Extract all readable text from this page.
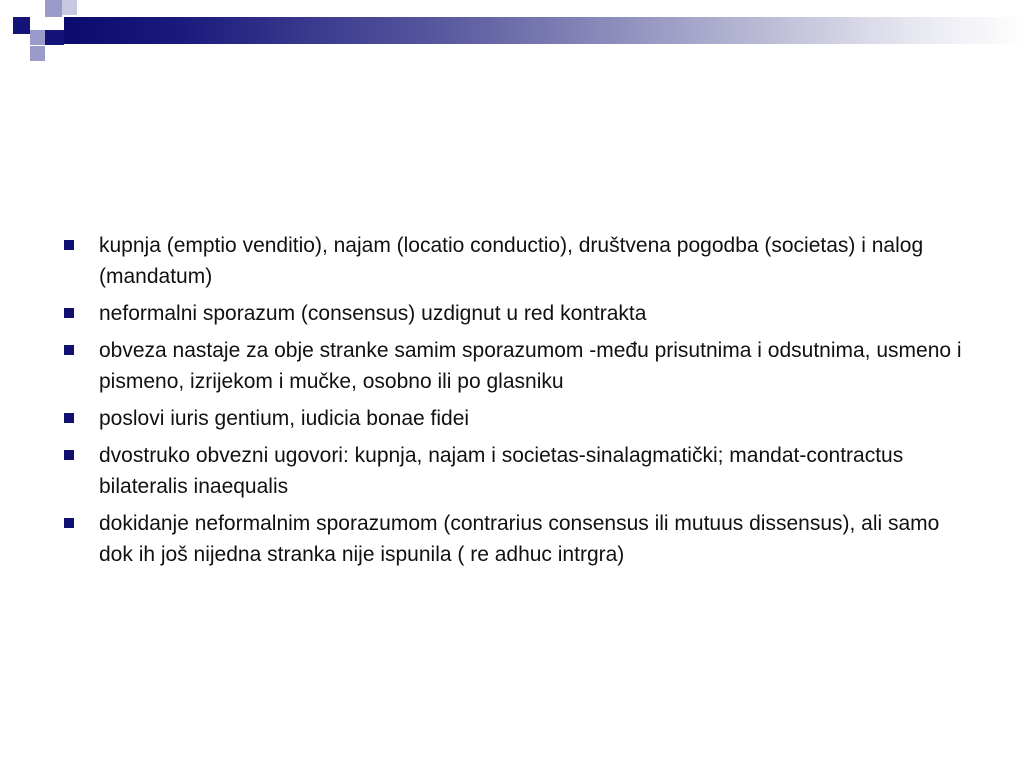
kupnja (emptio venditio), najam (locatio conductio), društvena pogodba (societas) i nalog (mandatum)
neformalni sporazum (consensus) uzdignut u red kontrakta
obveza nastaje za obje stranke samim sporazumom -među prisutnima i odsutnima, usmeno i pismeno, izrijekom i mučke, osobno ili po glasniku
poslovi iuris gentium, iudicia bonae fidei
dvostruko obvezni ugovori: kupnja, najam i societas-sinalagmatički; mandat-contractus bilateralis inaequalis
dokidanje neformalnim sporazumom (contrarius consensus ili mutuus dissensus), ali samo dok ih još nijedna stranka nije ispunila ( re adhuc intrgra)
